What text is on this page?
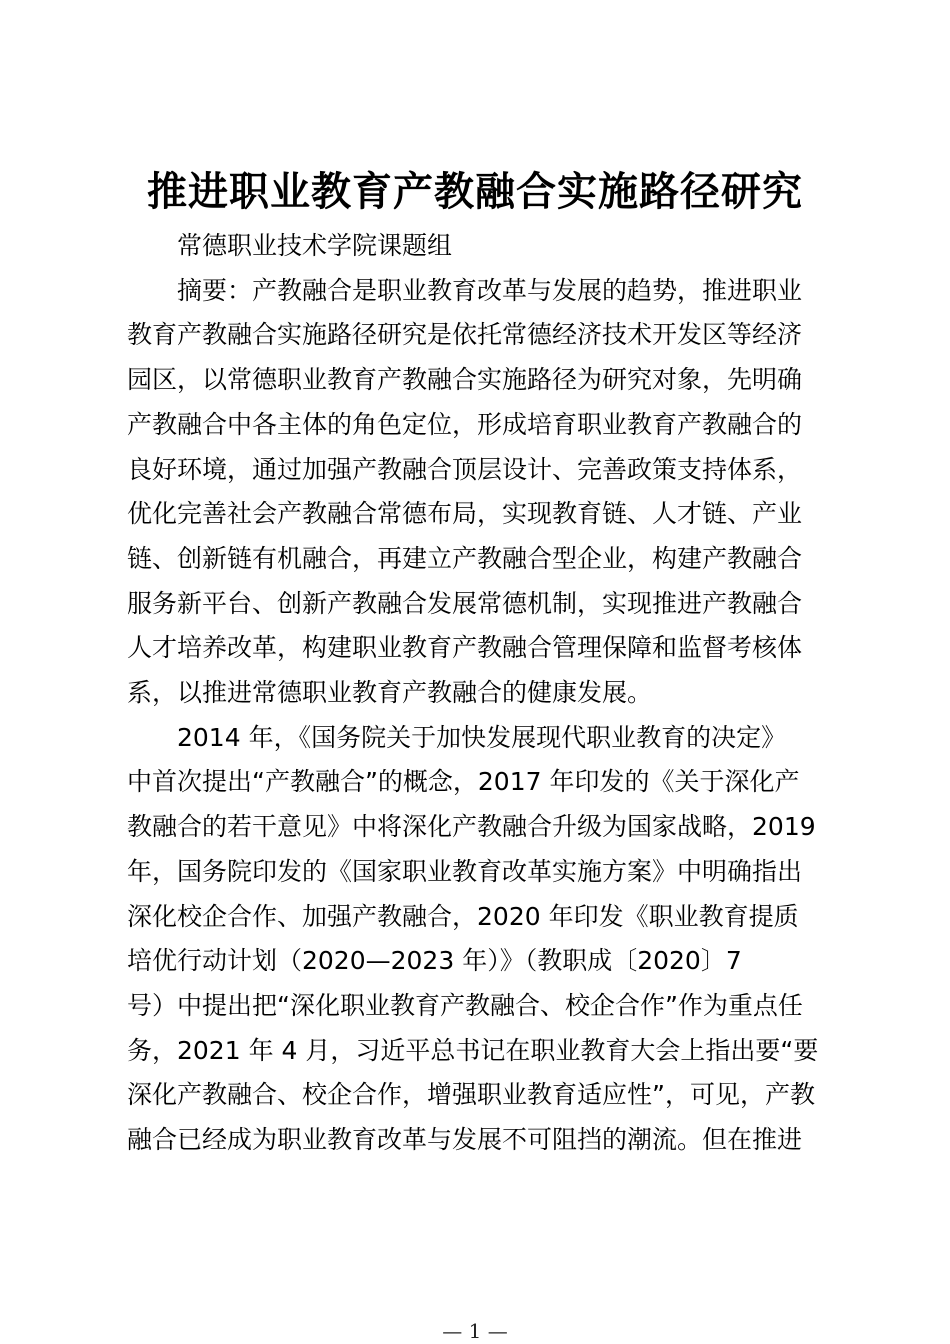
推进职业教育产教融合实施路径研究

常德职业技术学院课题组

摘要：产教融合是职业教育改革与发展的趋势，推进职业
教育产教融合实施路径研究是依托常德经济技术开发区等经济
园区，以常德职业教育产教融合实施路径为研究对象，先明确
产教融合中各主体的角色定位，形成培育职业教育产教融合的
良好环境，通过加强产教融合顶层设计、完善政策支持体系，
优化完善社会产教融合常德布局，实现教育链、人才链、产业
链、创新链有机融合，再建立产教融合型企业，构建产教融合
服务新平台、创新产教融合发展常德机制，实现推进产教融合
人才培养改革，构建职业教育产教融合管理保障和监督考核体
系，以推进常德职业教育产教融合的健康发展。

2014 年，《国务院关于加快发展现代职业教育的决定》
中首次提出“产教融合”的概念，2017 年印发的《关于深化产
教融合的若干意见》中将深化产教融合升级为国家战略，2019
年，国务院印发的《国家职业教育改革实施方案》中明确指出
深化校企合作、加强产教融合，2020 年印发《职业教育提质
培优行动计划（2020—2023 年）》（教职成〔2020〕7
号）中提出把“深化职业教育产教融合、校企合作”作为重点任
务，2021 年 4 月，习近平总书记在职业教育大会上指出要“要
深化产教融合、校企合作，增强职业教育适应性”，可见，产教
融合已经成为职业教育改革与发展不可阻挡的潮流。但在推进

— 1 —
